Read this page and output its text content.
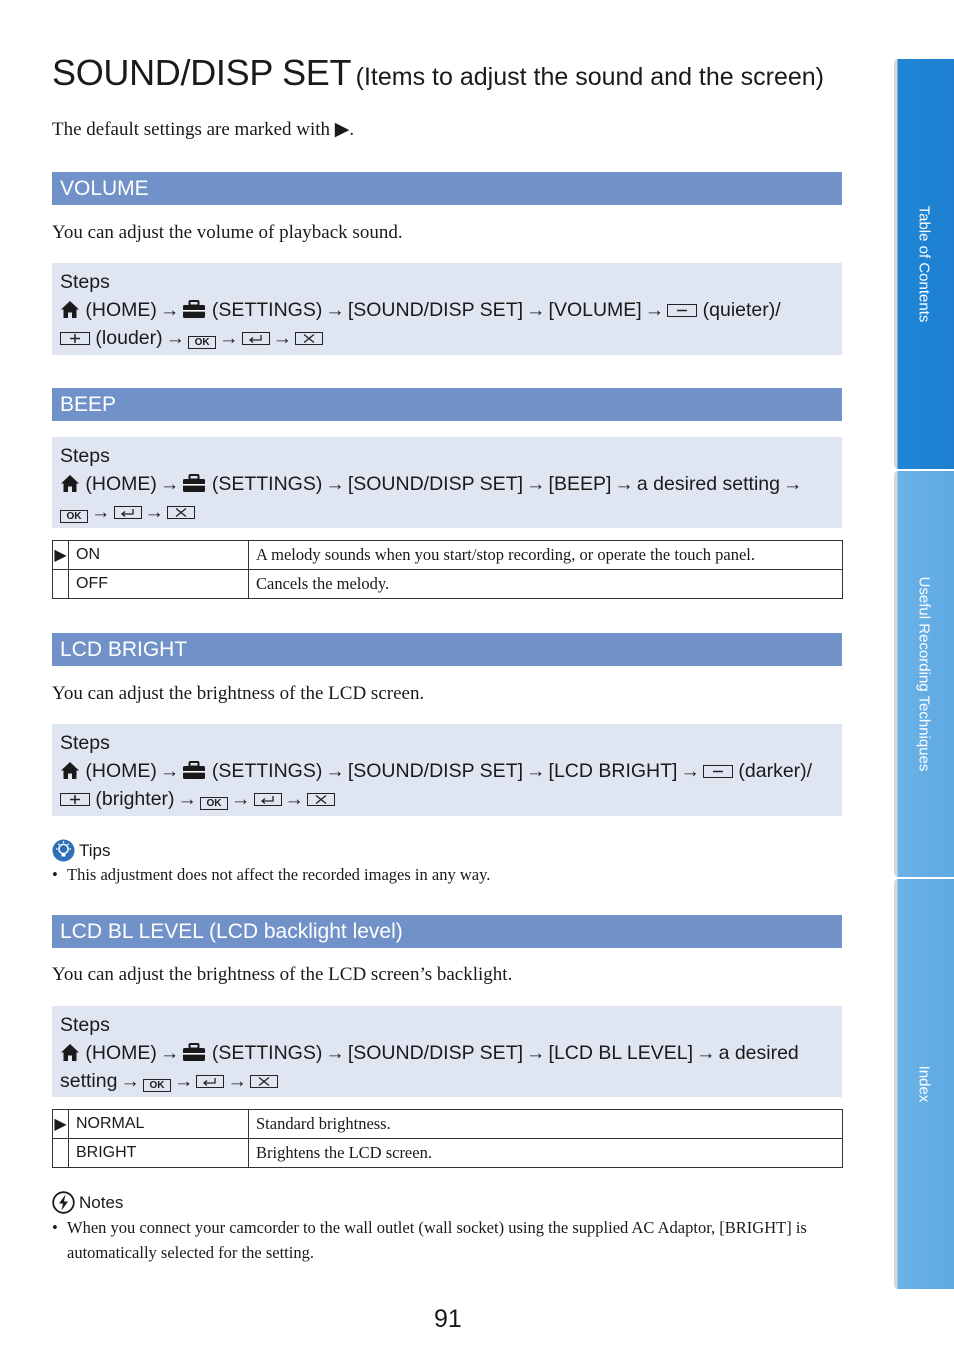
SOUND/DISP SET (Items to adjust the sound and the screen)
The default settings are marked with ▶.
VOLUME
You can adjust the volume of playback sound.
Steps
(HOME) → (SETTINGS) → [SOUND/DISP SET] → [VOLUME] → (quieter)/
(louder) → OK → →
BEEP
Steps
(HOME) → (SETTINGS) → [SOUND/DISP SET] → [BEEP] → a desired setting →
OK → →
▶	ON	A melody sounds when you start/stop recording, or operate the touch panel.
	OFF	Cancels the melody.
LCD BRIGHT
You can adjust the brightness of the LCD screen.
Steps
(HOME) → (SETTINGS) → [SOUND/DISP SET] → [LCD BRIGHT] → (darker)/
(brighter) → OK → →
Tips
• This adjustment does not affect the recorded images in any way.
LCD BL LEVEL (LCD backlight level)
You can adjust the brightness of the LCD screen’s backlight.
Steps
(HOME) → (SETTINGS) → [SOUND/DISP SET] → [LCD BL LEVEL] → a desired
setting → OK → →
▶	NORMAL	Standard brightness.
	BRIGHT	Brightens the LCD screen.
Notes
• When you connect your camcorder to the wall outlet (wall socket) using the supplied AC Adaptor, [BRIGHT] is automatically selected for the setting.
91
Table of Contents
Useful Recording Techniques
Index
